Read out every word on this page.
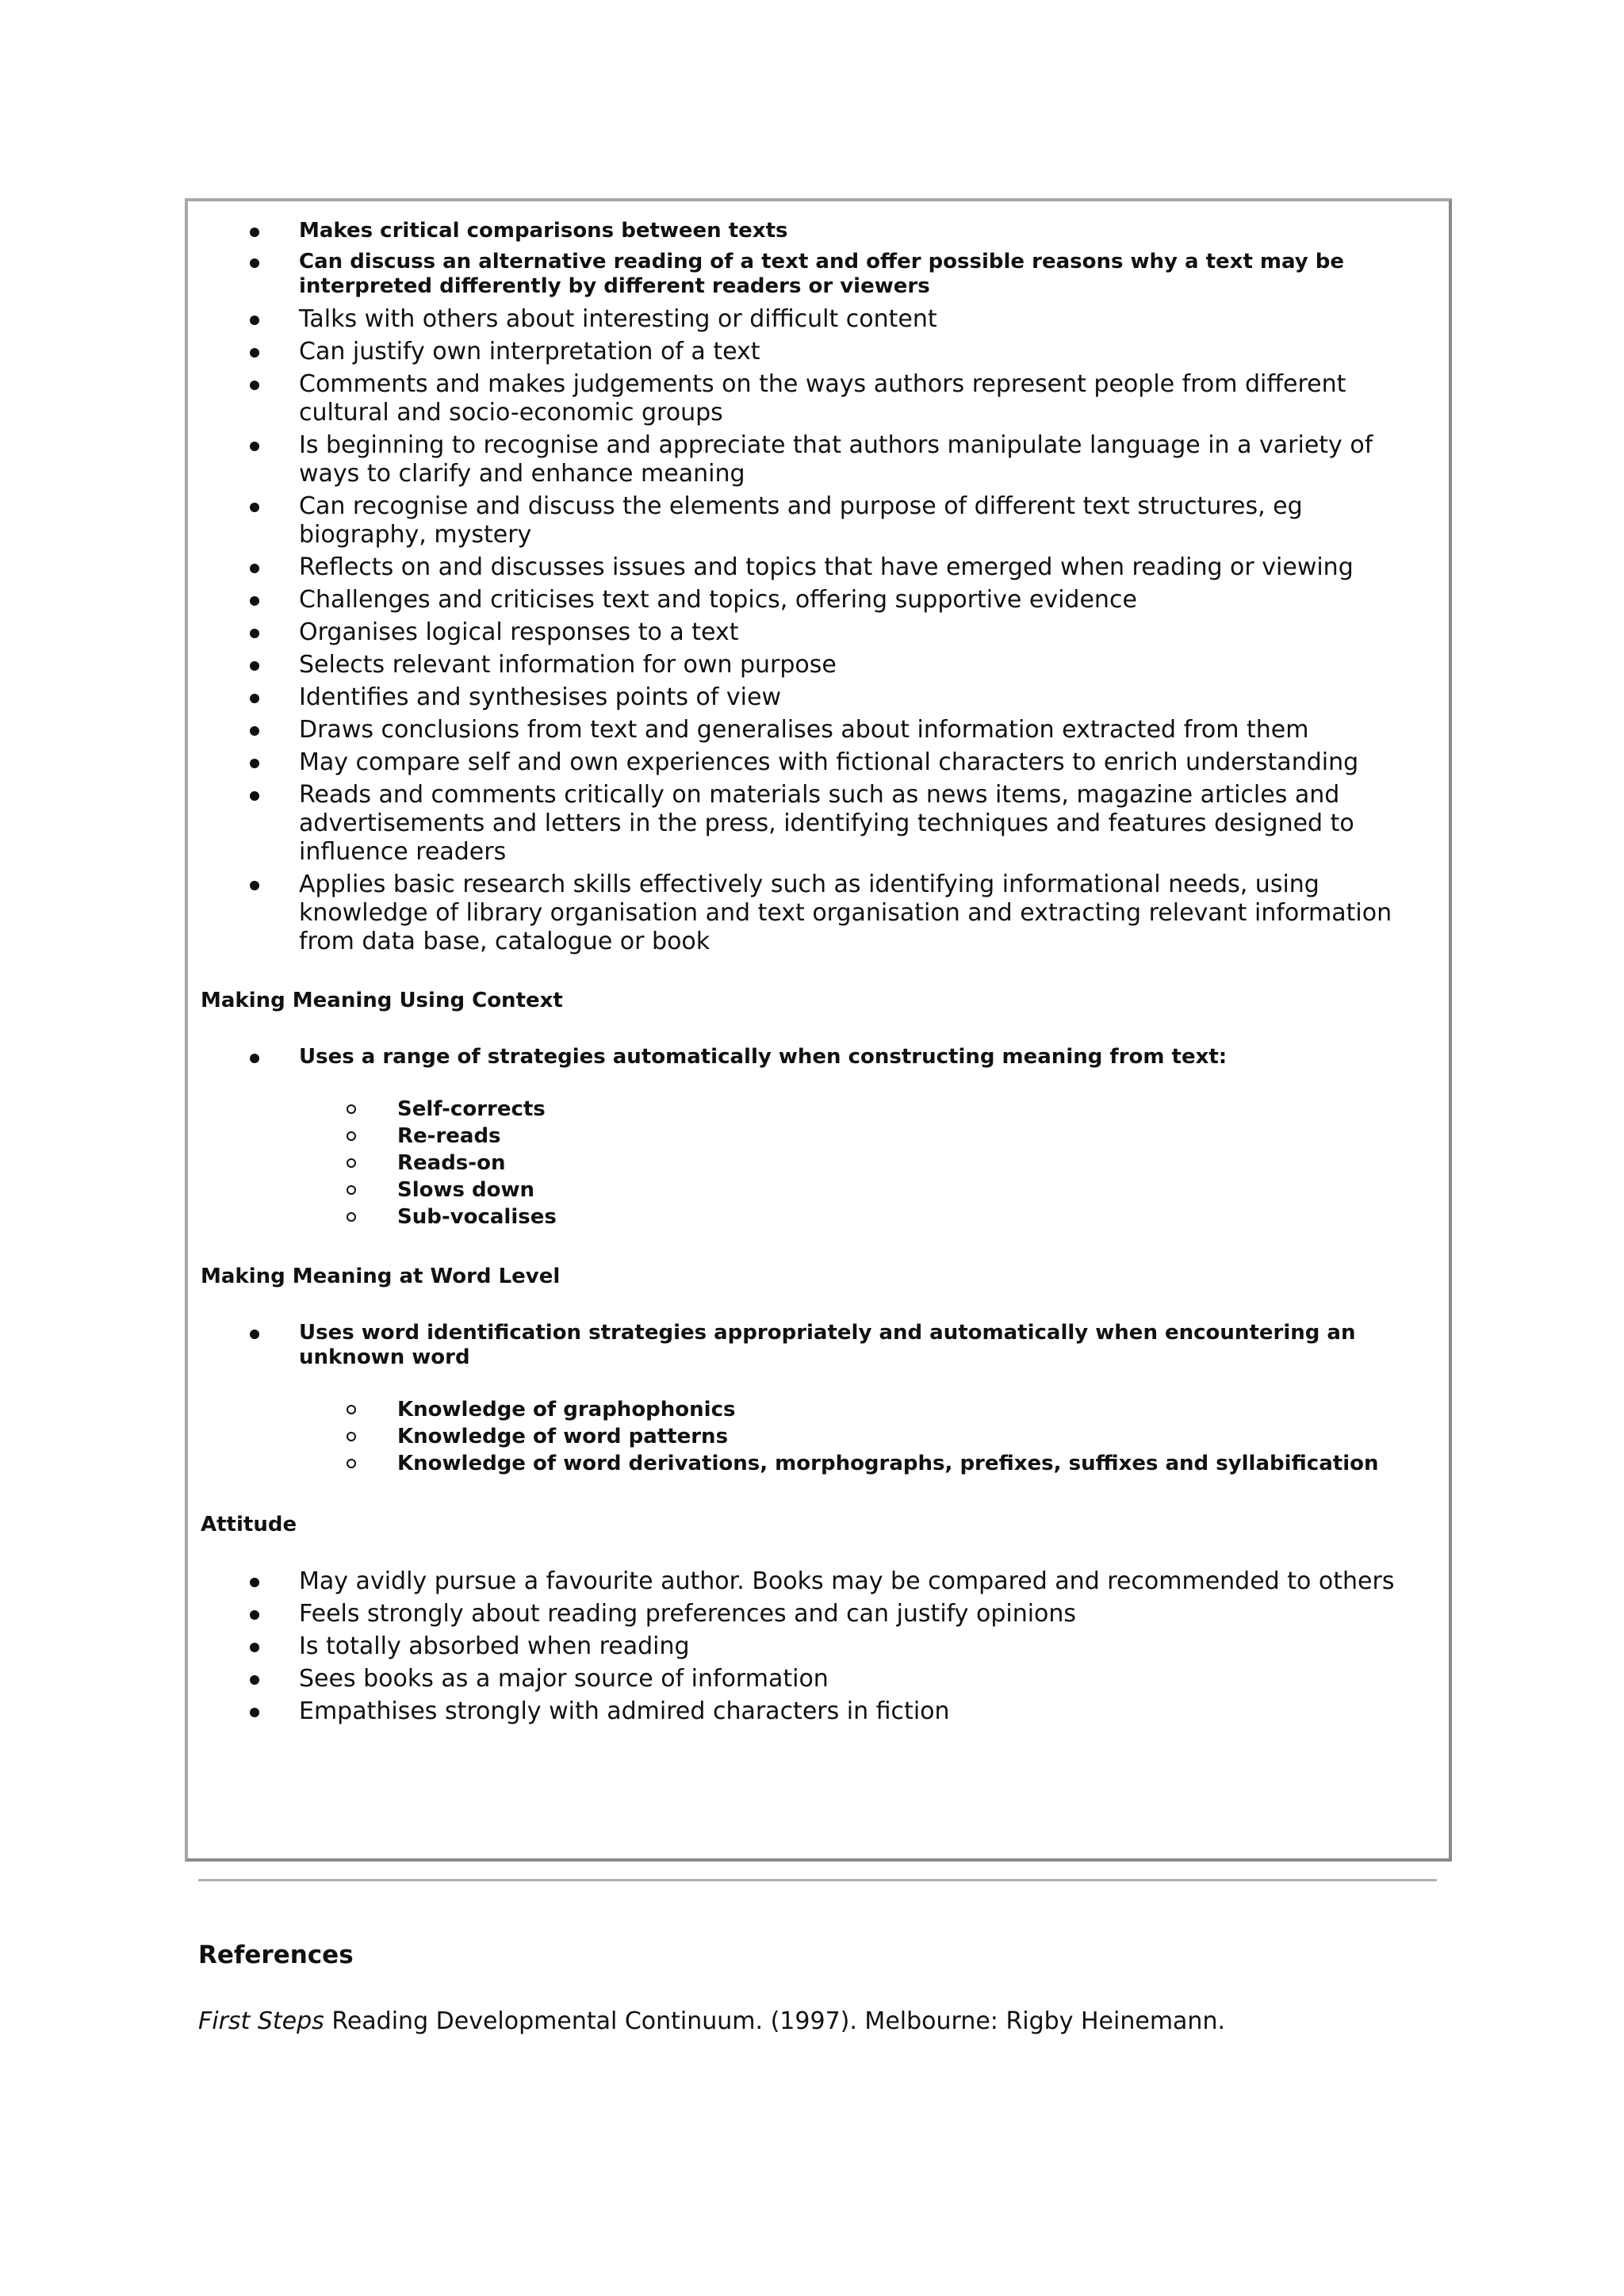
Makes critical comparisons between texts
Can discuss an alternative reading of a text and offer possible reasons why a text may be interpreted differently by different readers or viewers
Talks with others about interesting or difficult content
Can justify own interpretation of a text
Comments and makes judgements on the ways authors represent people from different cultural and socio-economic groups
Is beginning to recognise and appreciate that authors manipulate language in a variety of ways to clarify and enhance meaning
Can recognise and discuss the elements and purpose of different text structures, eg biography, mystery
Reflects on and discusses issues and topics that have emerged when reading or viewing
Challenges and criticises text and topics, offering supportive evidence
Organises logical responses to a text
Selects relevant information for own purpose
Identifies and synthesises points of view
Draws conclusions from text and generalises about information extracted from them
May compare self and own experiences with fictional characters to enrich understanding
Reads and comments critically on materials such as news items, magazine articles and advertisements and letters in the press, identifying techniques and features designed to influence readers
Applies basic research skills effectively such as identifying informational needs, using knowledge of library organisation and text organisation and extracting relevant information from data base, catalogue or book
Making Meaning Using Context
Uses a range of strategies automatically when constructing meaning from text:
Self-corrects
Re-reads
Reads-on
Slows down
Sub-vocalises
Making Meaning at Word Level
Uses word identification strategies appropriately and automatically when encountering an unknown word
Knowledge of graphophonics
Knowledge of word patterns
Knowledge of word derivations, morphographs, prefixes, suffixes and syllabification
Attitude
May avidly pursue a favourite author. Books may be compared and recommended to others
Feels strongly about reading preferences and can justify opinions
Is totally absorbed when reading
Sees books as a major source of information
Empathises strongly with admired characters in fiction
References
First Steps Reading Developmental Continuum. (1997). Melbourne: Rigby Heinemann.
